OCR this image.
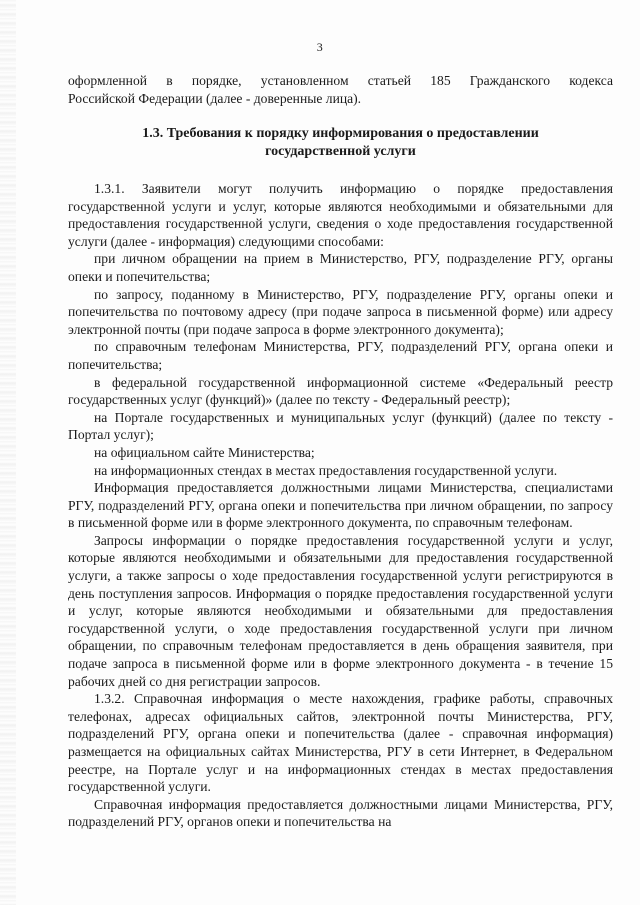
3

оформленной в порядке, установленном статьей 185 Гражданского кодекса

Российской Федерации (далее - доверенные лица).

1.3. Требования к порядку информирования о предоставлении
государственной услуги

1.3.1. Заявители могут получить информацию о порядке предоставления государственной услуги и услуг, которые являются необходимыми и обязательными для предоставления государственной услуги, сведения о ходе предоставления государственной услуги (далее - информация) следующими способами:

при личном обращении на прием в Министерство, РГУ, подразделение РГУ, органы опеки и попечительства;

по запросу, поданному в Министерство, РГУ, подразделение РГУ, органы опеки и попечительства по почтовому адресу (при подаче запроса в письменной форме) или адресу электронной почты (при подаче запроса в форме электронного документа);

по справочным телефонам Министерства, РГУ, подразделений РГУ, органа опеки и попечительства;

в федеральной государственной информационной системе «Федеральный реестр государственных услуг (функций)» (далее по тексту - Федеральный реестр);

на Портале государственных и муниципальных услуг (функций) (далее по тексту - Портал услуг);

на официальном сайте Министерства;

на информационных стендах в местах предоставления государственной услуги.

Информация предоставляется должностными лицами Министерства, специалистами РГУ, подразделений РГУ, органа опеки и попечительства при личном обращении, по запросу в письменной форме или в форме электронного документа, по справочным телефонам.

Запросы информации о порядке предоставления государственной услуги и услуг, которые являются необходимыми и обязательными для предоставления государственной услуги, а также запросы о ходе предоставления государственной услуги регистрируются в день поступления запросов. Информация о порядке предоставления государственной услуги и услуг, которые являются необходимыми и обязательными для предоставления государственной услуги, о ходе предоставления государственной услуги при личном обращении, по справочным телефонам предоставляется в день обращения заявителя, при подаче запроса в письменной форме или в форме электронного документа - в течение 15 рабочих дней со дня регистрации запросов.

1.3.2. Справочная информация о месте нахождения, графике работы, справочных телефонах, адресах официальных сайтов, электронной почты Министерства, РГУ, подразделений РГУ, органа опеки и попечительства (далее - справочная информация) размещается на официальных сайтах Министерства, РГУ в сети Интернет, в Федеральном реестре, на Портале услуг и на информационных стендах в местах предоставления государственной услуги.

Справочная информация предоставляется должностными лицами Министерства, РГУ, подразделений РГУ, органов опеки и попечительства на
